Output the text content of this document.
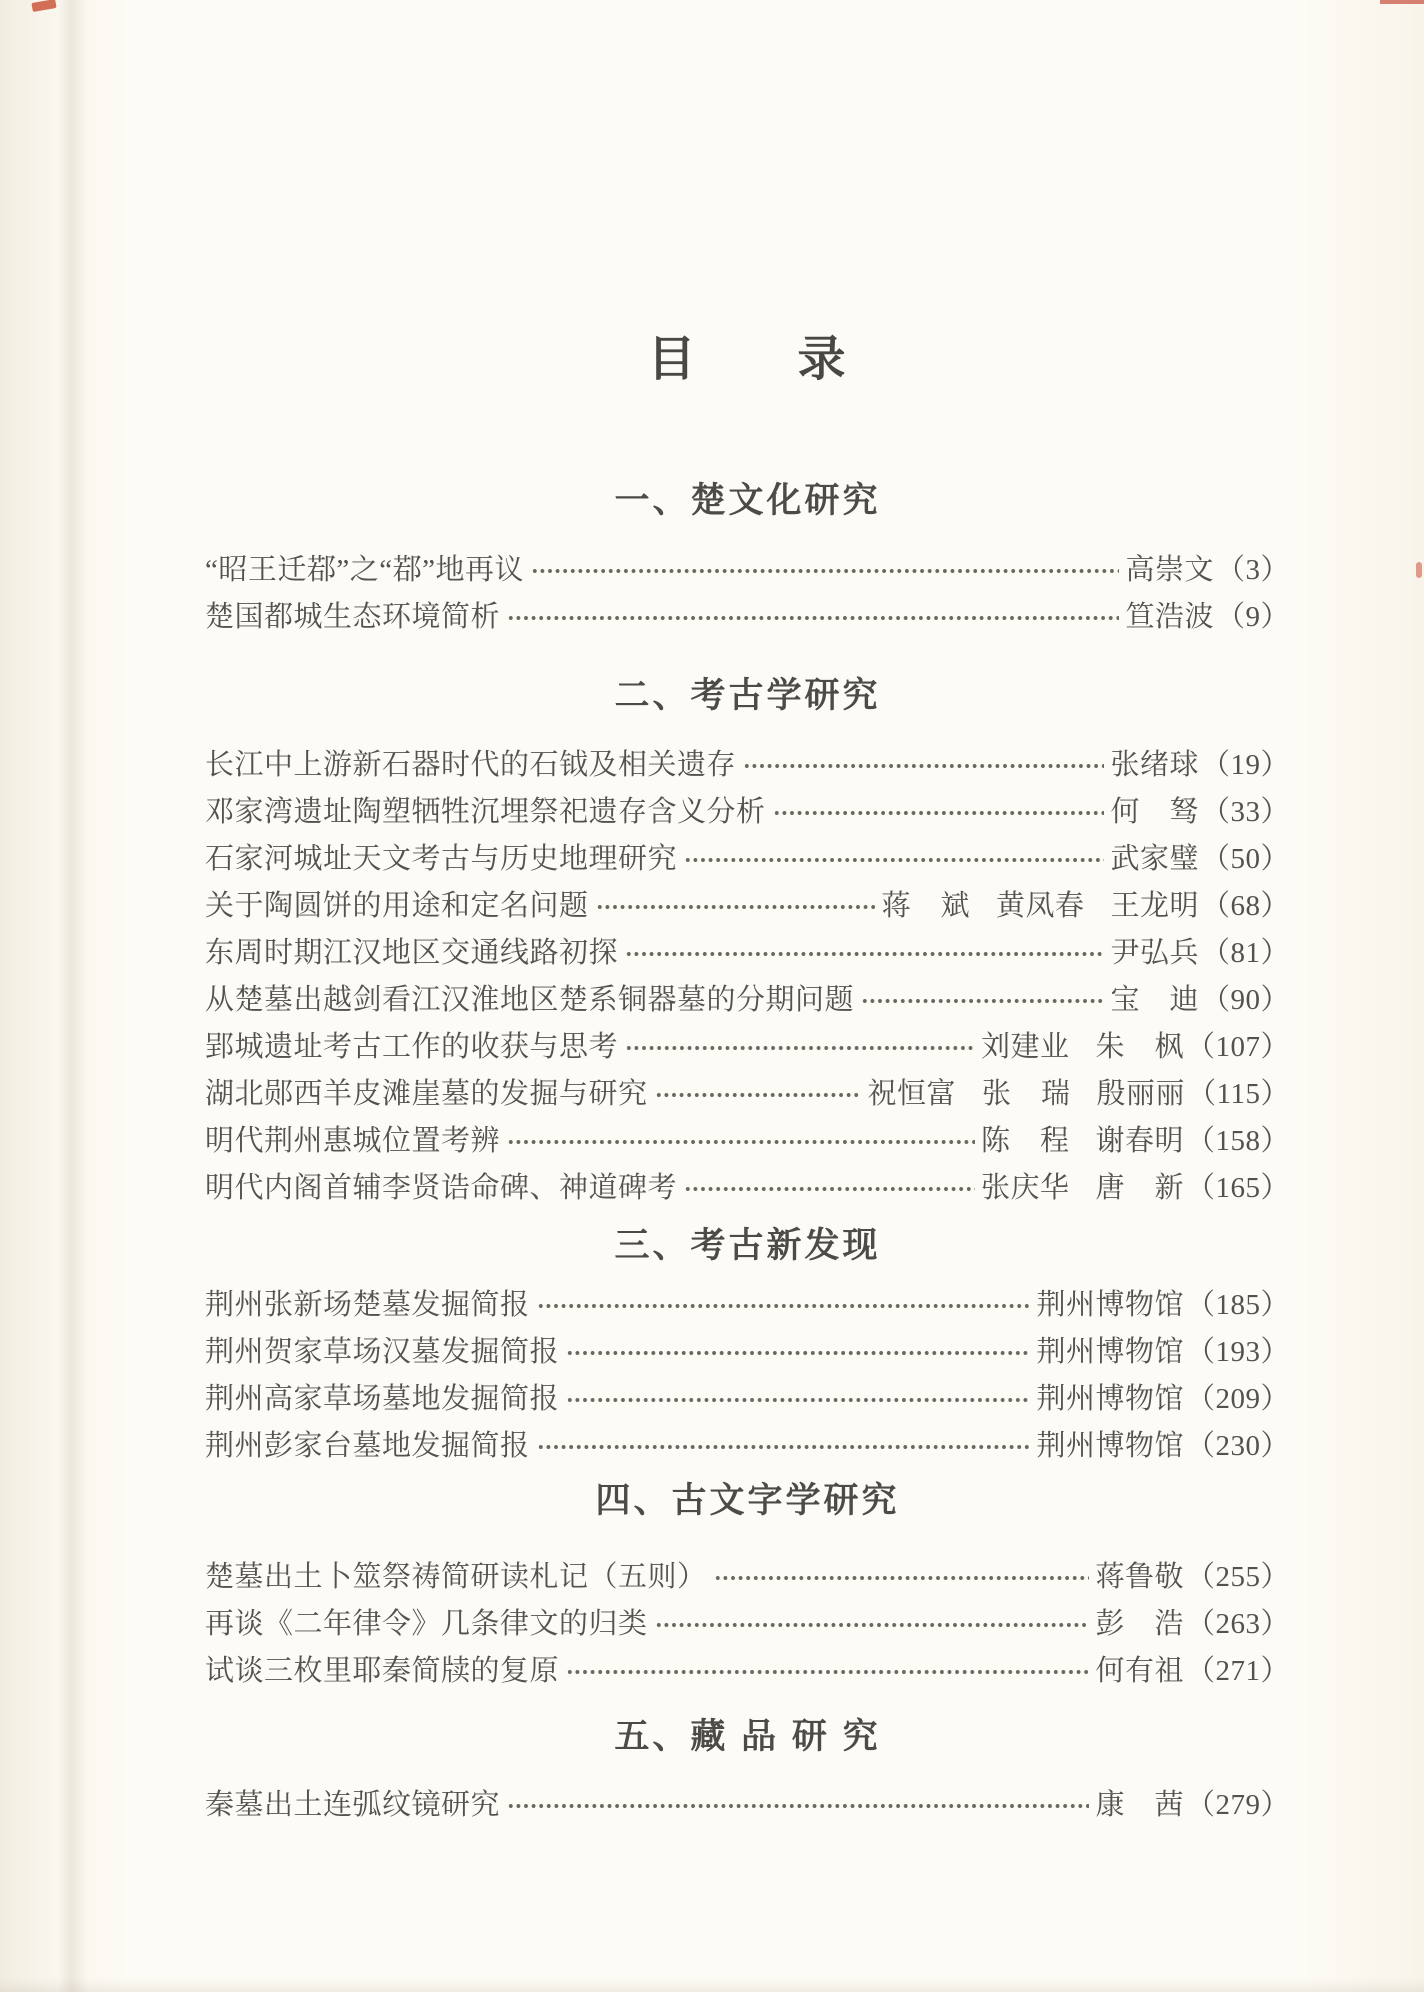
目　　录
一、楚文化研究
“昭王迁鄀”之“鄀”地再议	高崇文 （3）
楚国都城生态环境简析	笪浩波 （9）
二、考古学研究
长江中上游新石器时代的石钺及相关遗存	张绪球 （19）
邓家湾遗址陶塑牺牲沉埋祭祀遗存含义分析	何　驽 （33）
石家河城址天文考古与历史地理研究	武家璧 （50）
关于陶圆饼的用途和定名问题	蒋　斌 黄凤春 王龙明 （68）
东周时期江汉地区交通线路初探	尹弘兵 （81）
从楚墓出越剑看江汉淮地区楚系铜器墓的分期问题	宝　迪 （90）
郢城遗址考古工作的收获与思考	刘建业 朱　枫 （107）
湖北郧西羊皮滩崖墓的发掘与研究	祝恒富 张　瑞 殷丽丽 （115）
明代荆州惠城位置考辨	陈　程 谢春明 （158）
明代内阁首辅李贤诰命碑、神道碑考	张庆华 唐　新 （165）
三、考古新发现
荆州张新场楚墓发掘简报	荆州博物馆 （185）
荆州贺家草场汉墓发掘简报	荆州博物馆 （193）
荆州高家草场墓地发掘简报	荆州博物馆 （209）
荆州彭家台墓地发掘简报	荆州博物馆 （230）
四、古文字学研究
楚墓出土卜筮祭祷简研读札记（五则）	蒋鲁敬 （255）
再谈《二年律令》几条律文的归类	彭　浩 （263）
试谈三枚里耶秦简牍的复原	何有祖 （271）
五、藏 品 研 究
秦墓出土连弧纹镜研究	康　茜 （279）
